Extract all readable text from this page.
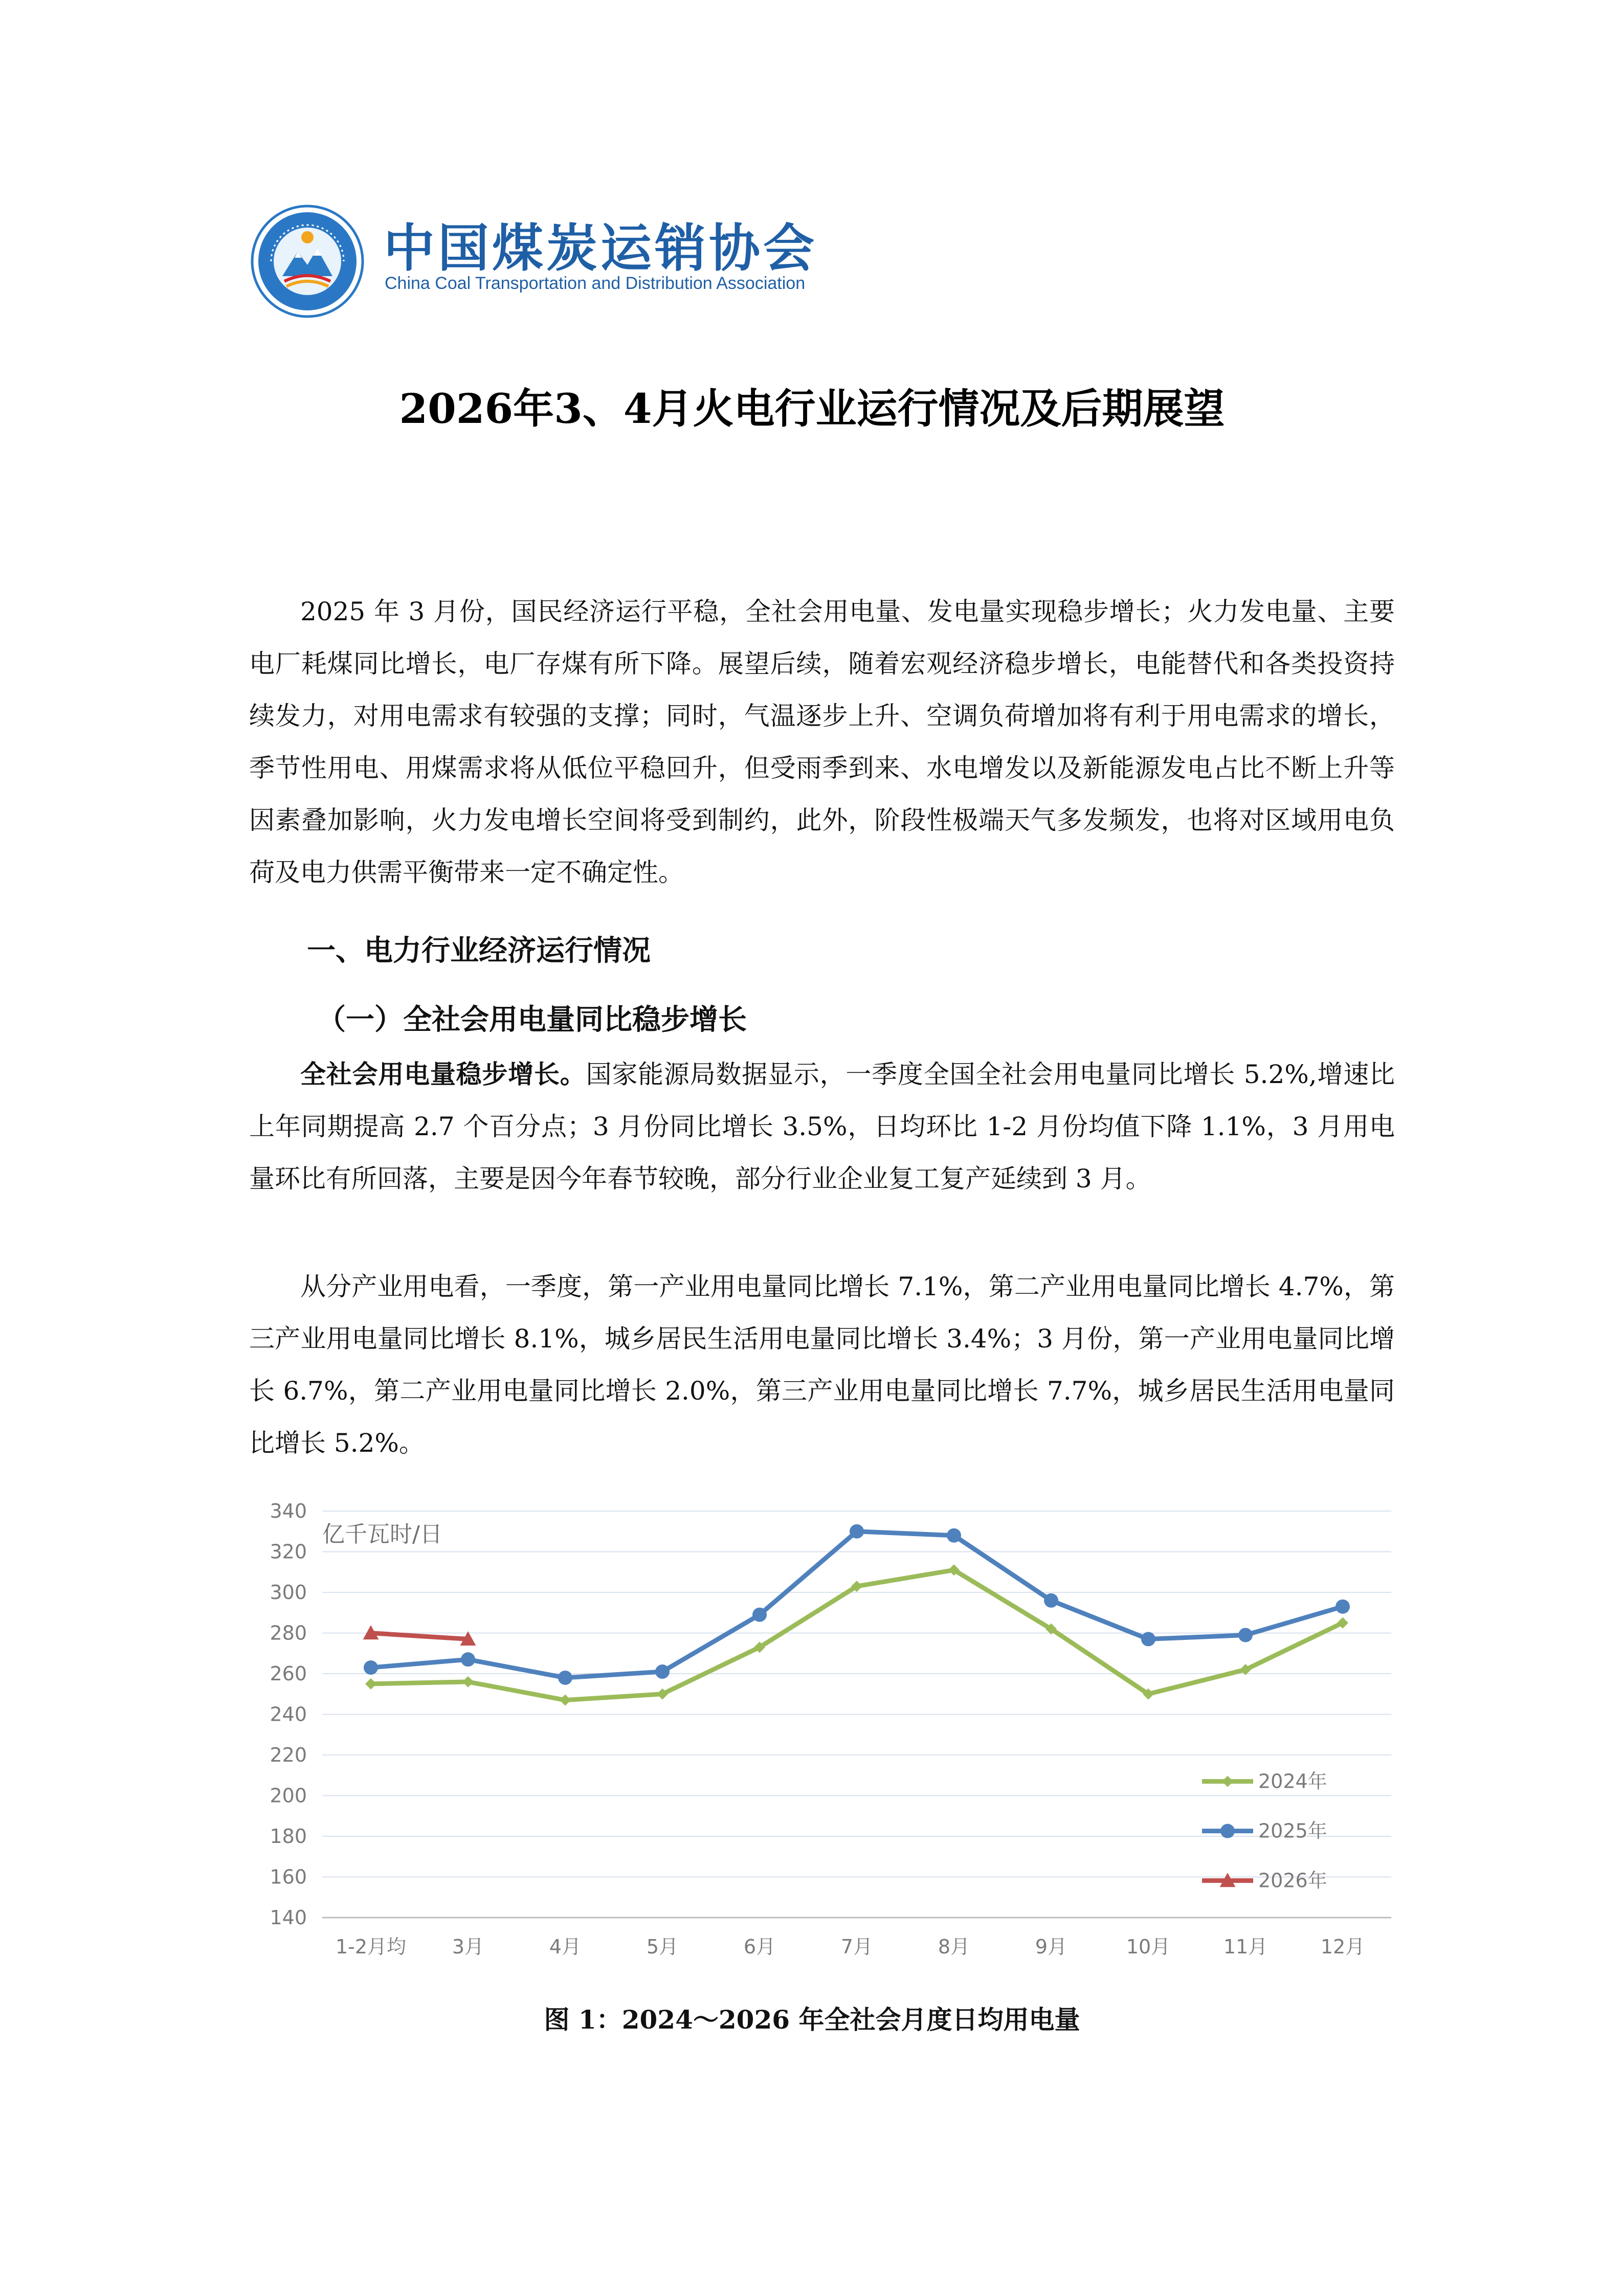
中国煤炭运销协会
China Coal Transportation and Distribution Association
2026年3、4月火电行业运行情况及后期展望
2025 年 3 月份，国民经济运行平稳，全社会用电量、发电量实现稳步增长；火力发电量、主要电厂耗煤同比增长，电厂存煤有所下降。展望后续，随着宏观经济稳步增长，电能替代和各类投资持续发力，对用电需求有较强的支撑；同时，气温逐步上升、空调负荷增加将有利于用电需求的增长，季节性用电、用煤需求将从低位平稳回升，但受雨季到来、水电增发以及新能源发电占比不断上升等因素叠加影响，火力发电增长空间将受到制约，此外，阶段性极端天气多发频发，也将对区域用电负荷及电力供需平衡带来一定不确定性。
一、电力行业经济运行情况
（一）全社会用电量同比稳步增长
全社会用电量稳步增长。国家能源局数据显示，一季度全国全社会用电量同比增长 5.2%,增速比上年同期提高 2.7 个百分点；3 月份同比增长 3.5%，日均环比 1-2 月份均值下降 1.1%，3 月用电量环比有所回落，主要是因今年春节较晚，部分行业企业复工复产延续到 3 月。
从分产业用电看，一季度，第一产业用电量同比增长 7.1%，第二产业用电量同比增长 4.7%，第三产业用电量同比增长 8.1%，城乡居民生活用电量同比增长 3.4%；3 月份，第一产业用电量同比增长 6.7%，第二产业用电量同比增长 2.0%，第三产业用电量同比增长 7.7%，城乡居民生活用电量同比增长 5.2%。
140
160
180
200
220
240
260
280
300
320
340
1-2月均 3月	4月	5月	6月	7月	8月	9月	10月	11月	12月
亿千瓦时/日
2024年
2025年
2026年
图 1：2024～2026 年全社会月度日均用电量
